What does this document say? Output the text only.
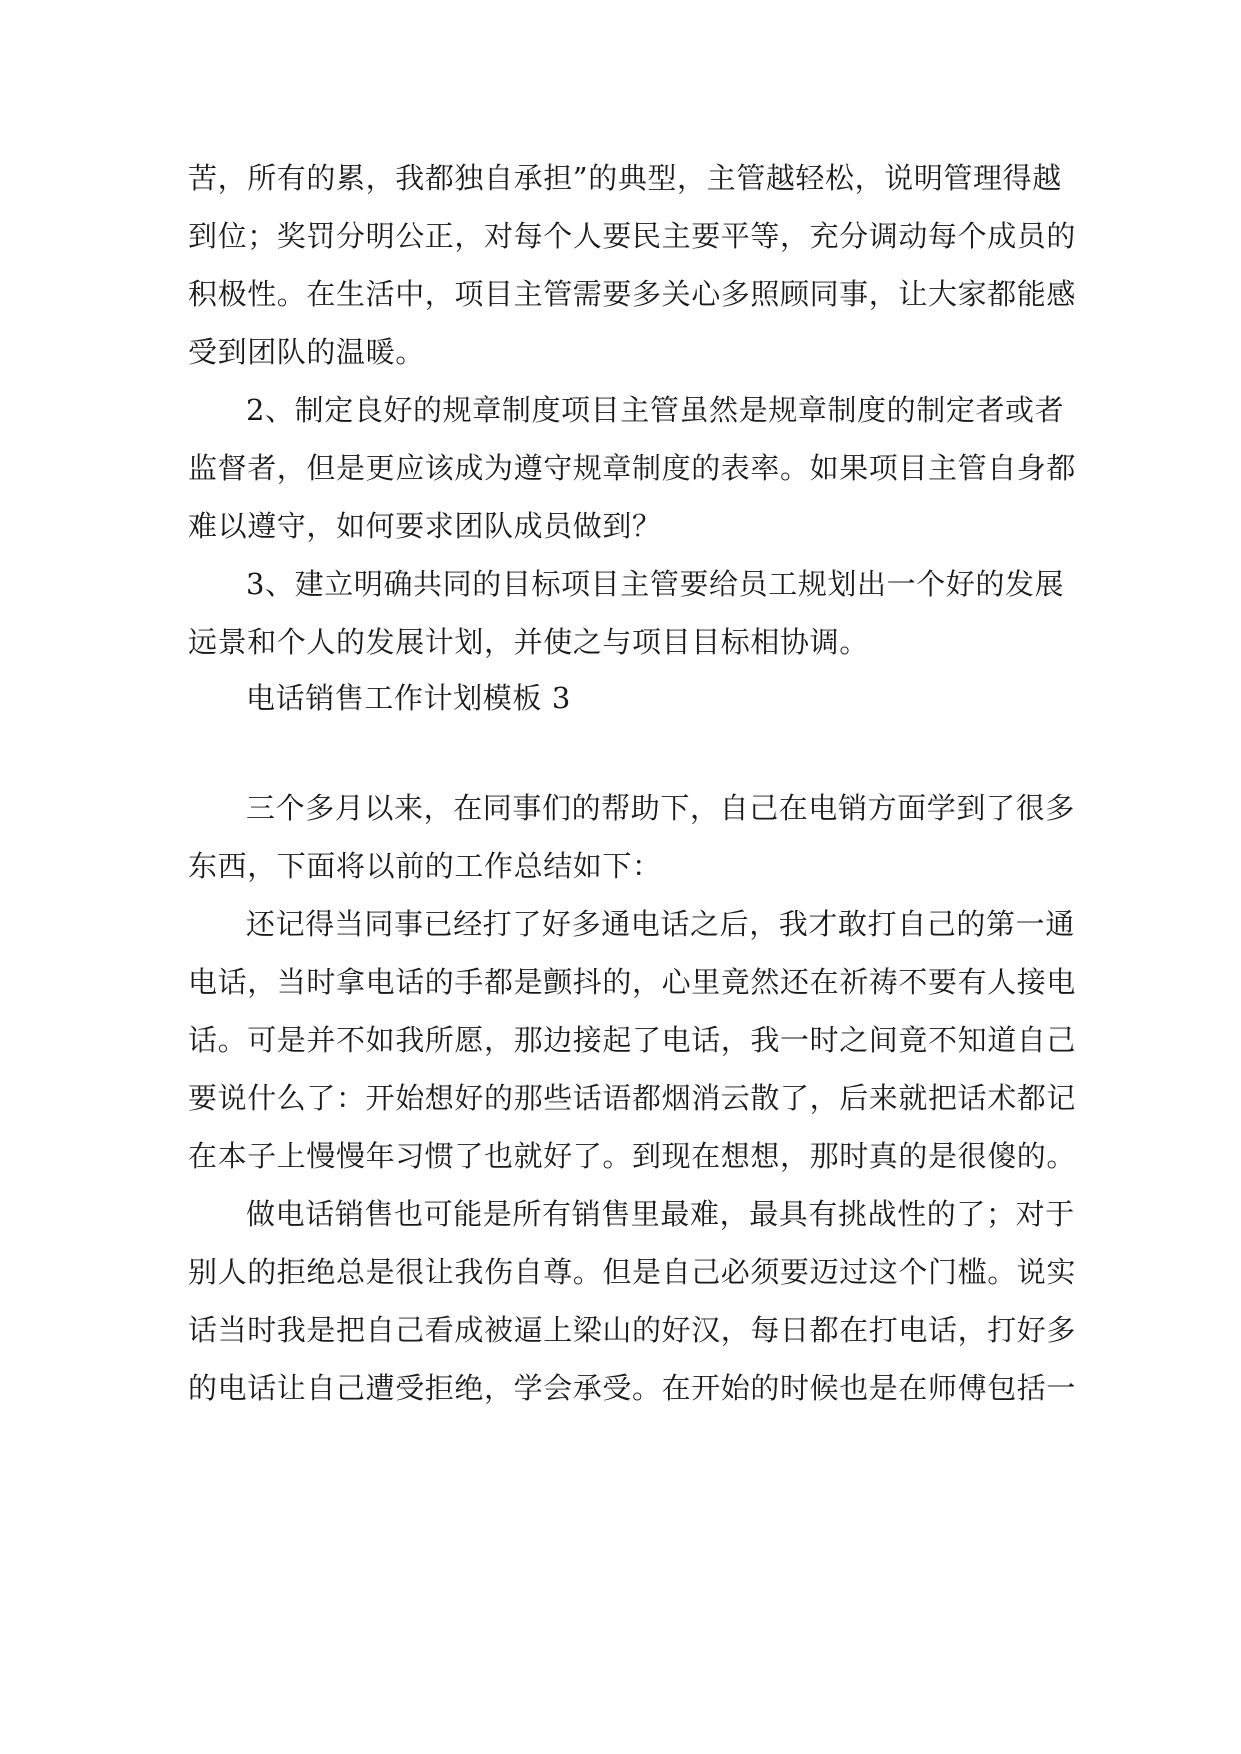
苦，所有的累，我都独自承担”的典型，主管越轻松，说明管理得越
到位；奖罚分明公正，对每个人要民主要平等，充分调动每个成员的
积极性。在生活中，项目主管需要多关心多照顾同事，让大家都能感
受到团队的温暖。
2、制定良好的规章制度项目主管虽然是规章制度的制定者或者
监督者，但是更应该成为遵守规章制度的表率。如果项目主管自身都
难以遵守，如何要求团队成员做到？
3、建立明确共同的目标项目主管要给员工规划出一个好的发展
远景和个人的发展计划，并使之与项目目标相协调。
电话销售工作计划模板 3
三个多月以来，在同事们的帮助下，自己在电销方面学到了很多
东西，下面将以前的工作总结如下：
还记得当同事已经打了好多通电话之后，我才敢打自己的第一通
电话，当时拿电话的手都是颤抖的，心里竟然还在祈祷不要有人接电
话。可是并不如我所愿，那边接起了电话，我一时之间竟不知道自己
要说什么了：开始想好的那些话语都烟消云散了，后来就把话术都记
在本子上慢慢年习惯了也就好了。到现在想想，那时真的是很傻的。
做电话销售也可能是所有销售里最难，最具有挑战性的了；对于
别人的拒绝总是很让我伤自尊。但是自己必须要迈过这个门槛。说实
话当时我是把自己看成被逼上梁山的好汉，每日都在打电话，打好多
的电话让自己遭受拒绝，学会承受。在开始的时候也是在师傅包括一
